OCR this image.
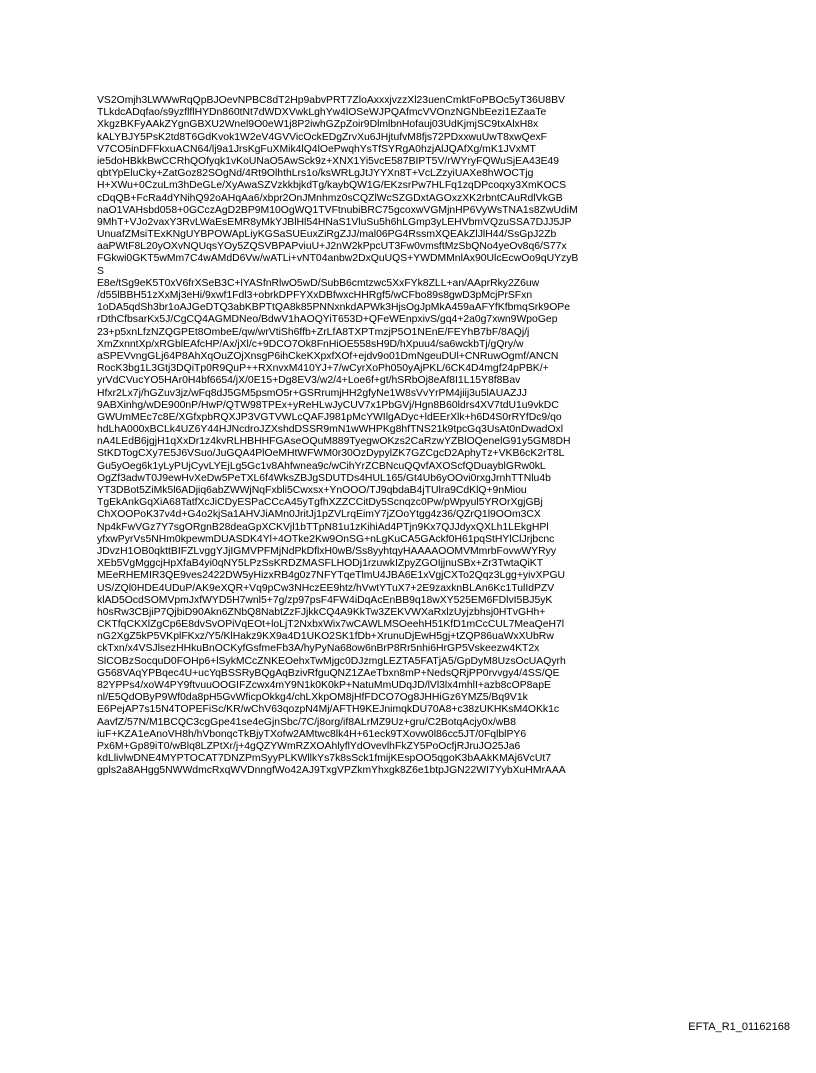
VS2Omjh3LWWwRqQpBJOevNPBC8dT2Hp9abvPRT7ZloAxxxjvzzXl23uenCmktFoPBOc5yT36U8BV
TLkdcADqfao/s9yzflflHYDn860tNt7dWDXVwkLghYw4lOSeWJPQAfmcVVOnzNGNbEezi1EZaaTe
XkgzBKFyAAkZYgnGBXU2Wnel9O0eW1j8P2iwhGZpZoir9DlmlbnHofauj03UdKjmjSC9txAlxH8x
kALYBJY5PsK2td8T6GdKvok1W2eV4GVVicOckEDgZrvXu6JHjtufvM8fjs72PDxxwuUwT8xwQexF
V7CO5inDFFkxuACN64/lj9a1JrsKgFuXMik4lQ4lOePwqhYsTfSYRgA0hzjAlJQAfXg/mK1JVxMT
ie5doHBkkBwCCRhQOfyqk1vKoUNaO5AwSck9z+XNX1Yi5vcE587BIPT5V/rWYryFQWuSjEA43E49
qbtYpEluCky+ZatGoz82SOgNd/4Rt9OlhthLrs1o/ksWRLgJtJYYXn8T+VcLZzyiUAXe8hWOCTjg
H+XWu+0CzuLm3hDeGLe/XyAwaSZVzkkbjkdTg/kaybQW1G/EKzsrPw7HLFq1zqDPcoqxy3XmKOCS
cDqQB+FcRa4dYNihQ92oAHqAa6/xbpr2OnJMnhmz0sCQZlWcSZGDxtAGOxzXK2rbntCAuRdlVkGB
naO1VAHsbd058+0GCczAgD2BP9M10OgWQ1TVFtnubiBRC75gcoxwVGMjnHP6VyWsTNA1s8ZwUdiM
9MhT+VJo2vaxY3RvLWaEsEMR8yMkYJBlHl54HNaS1VluSu5h6hLGmp3yLEHVbmVQzuSSA7DJJ5JP
UnuafZMsiTExKNgUYBPOWApLiyKGSaSUEuxZiRgZJJ/mal06PG4RssmXQEAkZlJlH44/SsGpJ2Zb
aaPWtF8L20yOXvNQUqsYOy5ZQSVBPAPviuU+J2nW2kPpcUT3Fw0vmsftMzSbQNo4yeOv8q6/S77x
FGkwi0GKT5wMm7C4wAMdD6Vw/wATLi+vNT04anbw2DxQuUQS+YWDMMnlAx90UlcEcwOo9qUYzyB
S
E8e/tSg9eK5T0xV6frXSeB3C+lYASfnRlwO5wD/SubB6cmtzwc5XxFYk8ZLL+an/AAprRky2Z6uw
/d55lBBH51zXxMj3eHi/9xwf1Fdl3+obrkDPFYXxDBfwxcHHRgf5/wCFbo89s8gwD3pMcjPrSFxn
1oDA5qdSh3br1oAJGeDTQ3abKBPTtQA8k85PNNxnkdAPWk3HjsOgJpMkA459aAFYfKfbmqSrk9OPe
rDthCfbsarKx5J/CgCQ4AGMDNeo/BdwV1hAOQYiT653D+QFeWEnpxivS/gq4+2a0g7xwn9WpoGep
23+p5xnLfzNZQGPEt8OmbeE/qw/wrVtiSh6ffb+ZrLfA8TXPTmzjP5O1NEnE/FEYhB7bF/8AQj/j
XmZxnntXp/xRGblEAfcHP/Ax/jXl/c+9DCO7Ok8FnHiOE558sH9D/hXpuu4/sa6wckbTj/gQry/w
aSPEVvngGLj64P8AhXqOuZOjXnsgP6ihCkeKXpxfXOf+ejdv9o01DmNgeuDUl+CNRuwOgmf/ANCN
RocK3bg1L3Gtj3DQiTp0R9QuP++RXnvxM410YJ+7/wCyrXoPh050yAjPKL/6CK4D4mgf24pPBK/+
yrVdCVucYO5HAr0H4bf6654/jX/0E15+Dg8EV3/w2/4+Loe6f+gt/hSRbOj8eAf8I1L15Y8f8Bav
Hfxr2Lx7j/hGZuv3jz/wFq8dJ5GM5psmO5r+GSRrumjHH2gfyNe1W8sVvYrPM4jiij3u5lAUAZJJ
9ABXinhg/wDE900nP/HwP/QTW98TPEx+yReHLwJyCUV7x1PbGVj/Hgn8B60ldrs4XV7tdU1u9vkDC
GWUmMEc7c8E/XGfxpbRQXJP3VGTVWLcQAFJ981pMcYWIlgADyc+ldEErXlk+h6D4S0rRYfDc9/qo
hdLhA000xBCLk4UZ6Y44HJNcdroJZXshdDSSR9mN1wWHPKg8hfTNS21k9tpcGq3UsAt0nDwadOxl
nA4LEdB6jgjH1qXxDr1z4kvRLHBHHFGAseOQuM889TyegwOKzs2CaRzwYZBlOQenelG91y5GM8DH
StKDTogCXy7E5J6VSuo/JuGQA4PlOeMHtWFWM0r30OzDypylZK7GZCgcD2AphyTz+VKB6cK2rT8L
Gu5yOeg6k1yLyPUjCyvLYEjLg5Gc1v8Ahfwnea9c/wCihYrZCBNcuQQvfAXOScfQDuayblGRw0kL
OgZf3adwT0J9ewHvXeDw5PeTXL6f4WksZBJgSDUTDs4HUL165/Gt4Ub6yOOvi0rxgJrnhTTNlu4b
YT3DBot5ZiMk5l6ADjiq6abZWWjNqFxbli5Cwxsx+YnOOO/TJ9qbdaB4jTUlra9CdKlQ+9nMiou
TgEkAnkGqXiA68TatfXcJiCDyESPaCCcA45yTgfhXZZCCitDy5Scnqzc0Pw/pWpyul5YROrXgjGBj
ChXOOPoK37v4d+G4o2kjSa1AHVJiAMn0JritJj1pZVLrqEimY7jZOoYtgg4z36/QZrQ1l9OOm3CX
Np4kFwVGz7Y7sgORgnB28deaGpXCKVjl1bTTpN81u1zKihiAd4PTjn9Kx7QJJdyxQXLh1LEkgHPl
yfxwPyrVs5NHm0kpewmDUASDK4Yl+4OTke2Kw9OnSG+nLgKuCA5GAckf0H61pqStHYlClJrjbcnc
JDvzH1OB0qkttBIFZLvggYJjIGMVPFMjNdPkDflxH0wB/Ss8yyhtqyHAAAAOOMVMmrbFovwWYRyy
XEb5VgMggcjHpXfaB4yi0qNY5LPzSsKRDZMASFLHODj1rzuwkIZpyZGOIjjnuSBx+Zr3TwtaQiKT
MEeRHEMIR3QE9ves2422DW5yHizxRB4g0z7NFYTqeTlmU4JBA6E1xVgjCXTo2Qqz3Lgg+yivXPGU
US/ZQl0HDE4UDuP/AK9eXQR+Vq9pCw3NHczEE9htz/hVwtYTuX7+2E9zaxknBLAn6Kc1TulIdPZV
klAD5OcdSOMVpmJxfWYD5H7wnl5+7g/zp97psF4FW4iDqAcEnBB9q18wXY525EM6FDlvI5BJ5yK
h0sRw3CBjiP7QjbiD90Akn6ZNbQ8NabtZzFJjkkCQ4A9KkTw3ZEKVWXaRxlzUyjzbhsj0HTvGHh+
CKTfqCKXlZgCp6E8dvSvOPiVqEOt+loLjT2NxbxWix7wCAWLMSOeehH51KfD1mCcCUL7MeaQeH7l
nG2XgZ5kP5VKplFKxz/Y5/KlHakz9KX9a4D1UKO2SK1fDb+XrunuDjEwH5gj+tZQP86uaWxXUbRw
ckTxn/x4VSJlsezHHkuBnOCKyfGsfmeFb3A/hyPyNa68ow6nBrP8Rr5nhi6HrGP5Vskeezw4KT2x
SlCOBzSocquD0FOHp6+lSykMCcZNKEOehxTwMjgc0DJzmgLEZTA5FATjA5/GpDyM8UzsOcUAQyrh
G568VAqYPBqec4U+ucYqBSSRyBQgAqBzivRfguQNZ1ZAeTbxn8mP+NedsQRjPP0rvvgy4/4SS/QE
82YPPs4/xoW4PY9ftvuuOOGIFZcwx4mY9N1k0K0kP+NatuMmUDqJD/lVl3lx4mhlI+azb8cOP8apE
nl/E5QdOByP9Wf0da8pH5GvWficpOkkg4/chLXkpOM8jHfFDCO7Og8JHHiGz6YMZ5/Bq9V1k
E6PejAP7s15N4TOPEFiSc/KR/wChV63qozpN4Mj/AFTH9KEJnimqkDU70A8+c38zUKHKsM4OKk1c
AavfZ/57N/M1BCQC3cgGpe41se4eGjnSbc/7C/j8org/if8ALrMZ9Uz+gru/C2BotqAcjy0x/wB8
iuF+KZA1eAnoVH8h/hVbonqcTkBjyTXofw2AMtwc8lk4H+61eck9TXovw0l86cc5JT/0FqlblPY6
Px6M+Gp89iT0/wBlq8LZPtXr/j+4gQZYWmRZXOAhlyflYdOvevlhFkZY5PoOcfjRJruJO25Ja6
kdLlivlwDNE4MYPTOCAT7DNZPmSyyPLKWllkYs7k8sSck1fmijKEspOO5qgoK3bAAkKMAj6VcUt7
gpls2a8AHgg5NWWdmcRxqWVDnngfWo42AJ9TxgVPZkmYhxgk8Z6e1btpJGN22WI7YybXuHMrAAA
EFTA_R1_01162168
